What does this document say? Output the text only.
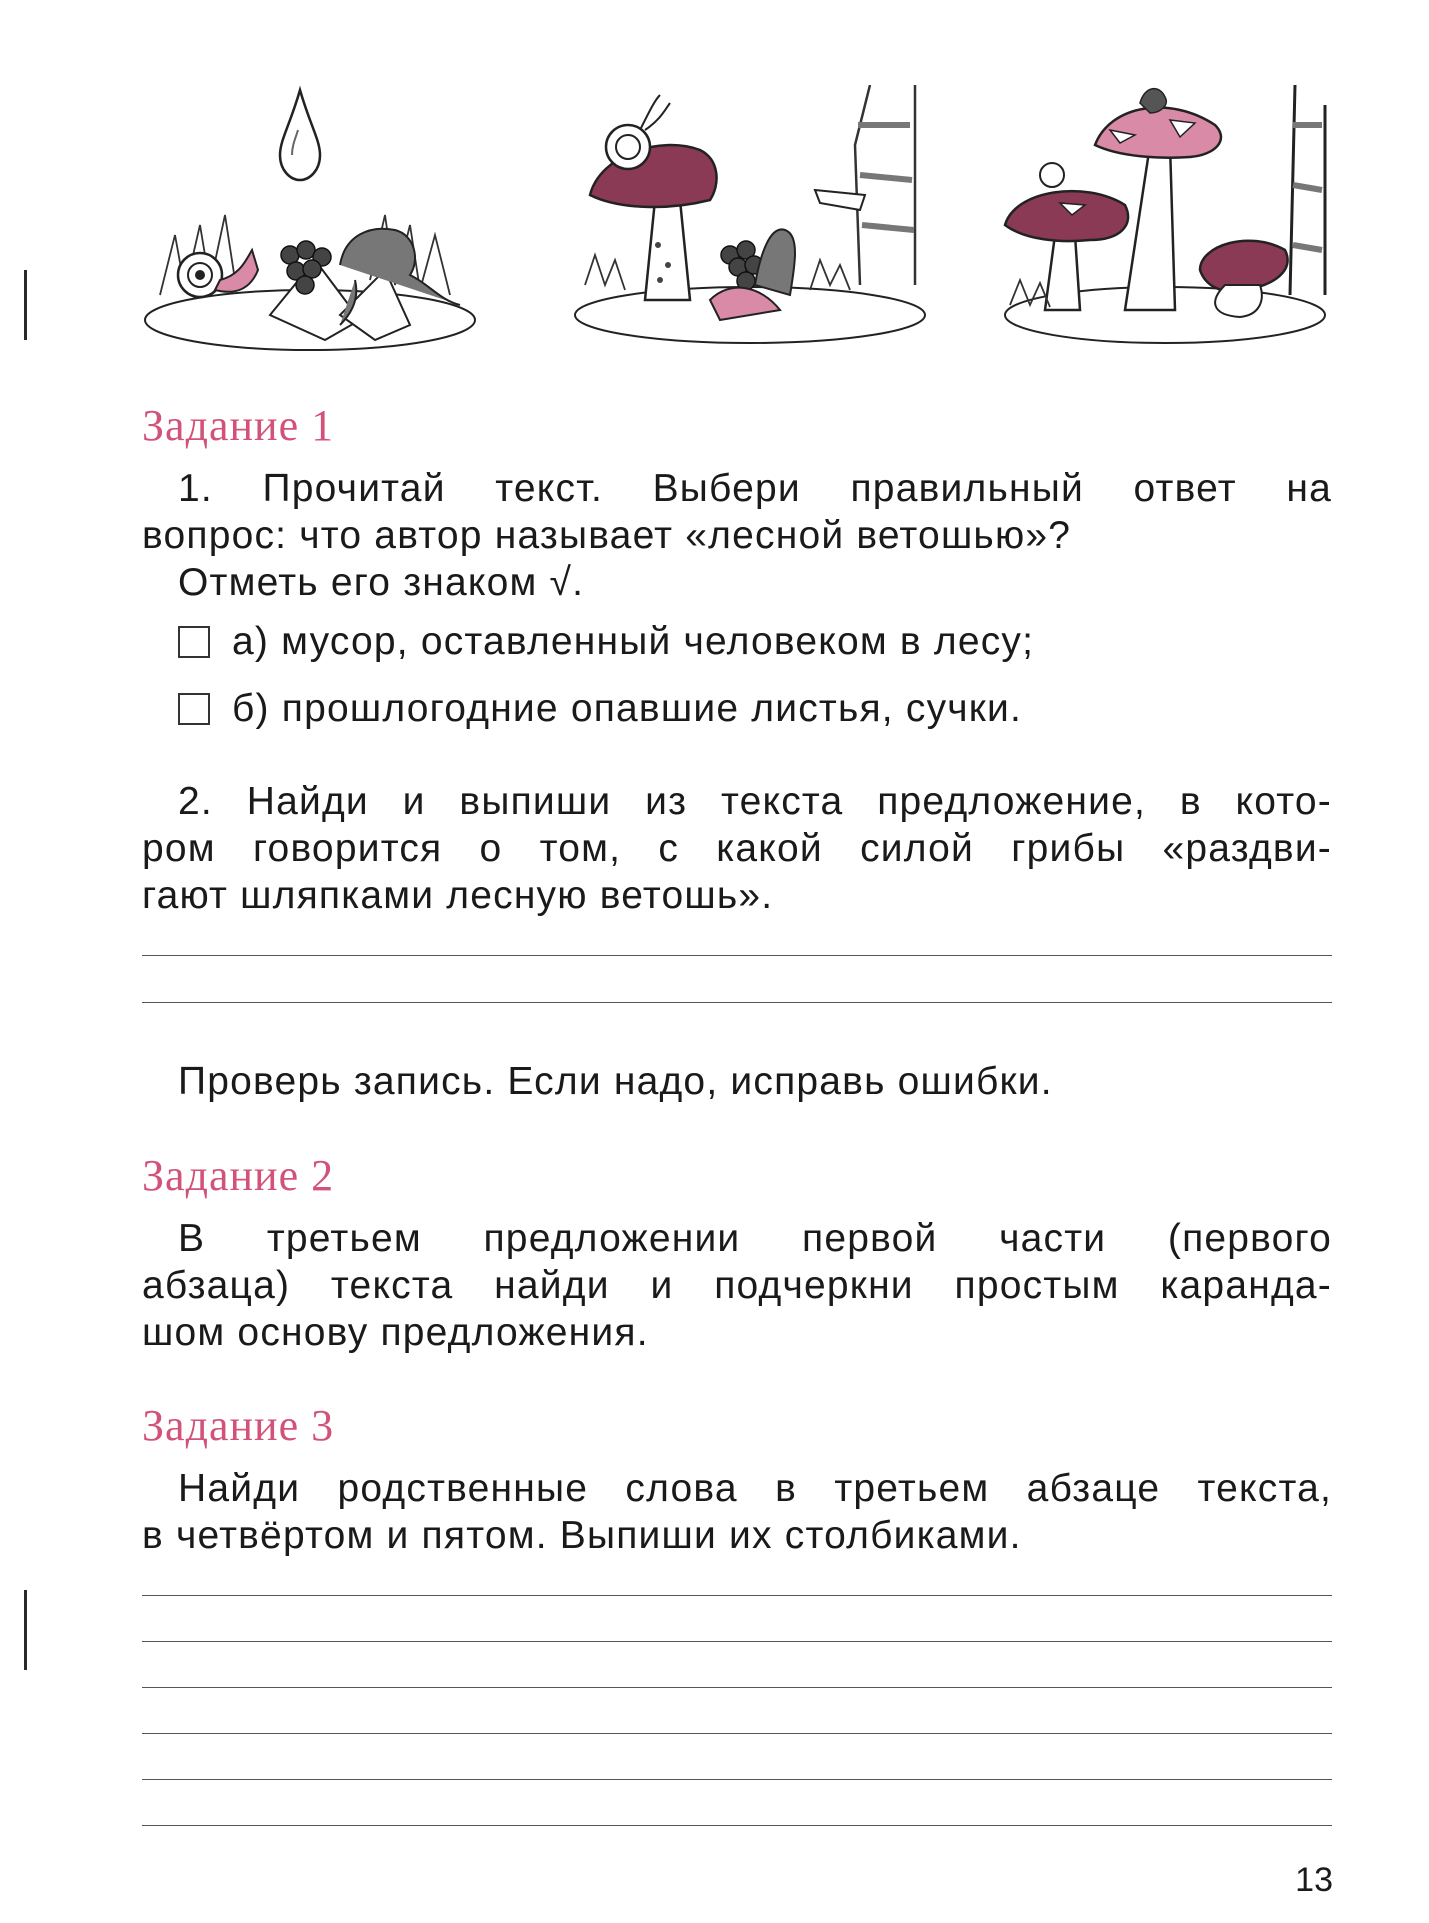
Задание 1
1. Прочитай текст. Выбери правильный ответ на
вопрос: что автор называет «лесной ветошью»?
Отметь его знаком √.
а) мусор, оставленный человеком в лесу;
б) прошлогодние опавшие листья, сучки.
2. Найди и выпиши из текста предложение, в кото-
ром говорится о том, с какой силой грибы «раздви-
гают шляпками лесную ветошь».
Проверь запись. Если надо, исправь ошибки.
Задание 2
В третьем предложении первой части (первого
абзаца) текста найди и подчеркни простым каранда-
шом основу предложения.
Задание 3
Найди родственные слова в третьем абзаце текста,
в четвёртом и пятом. Выпиши их столбиками.
13
